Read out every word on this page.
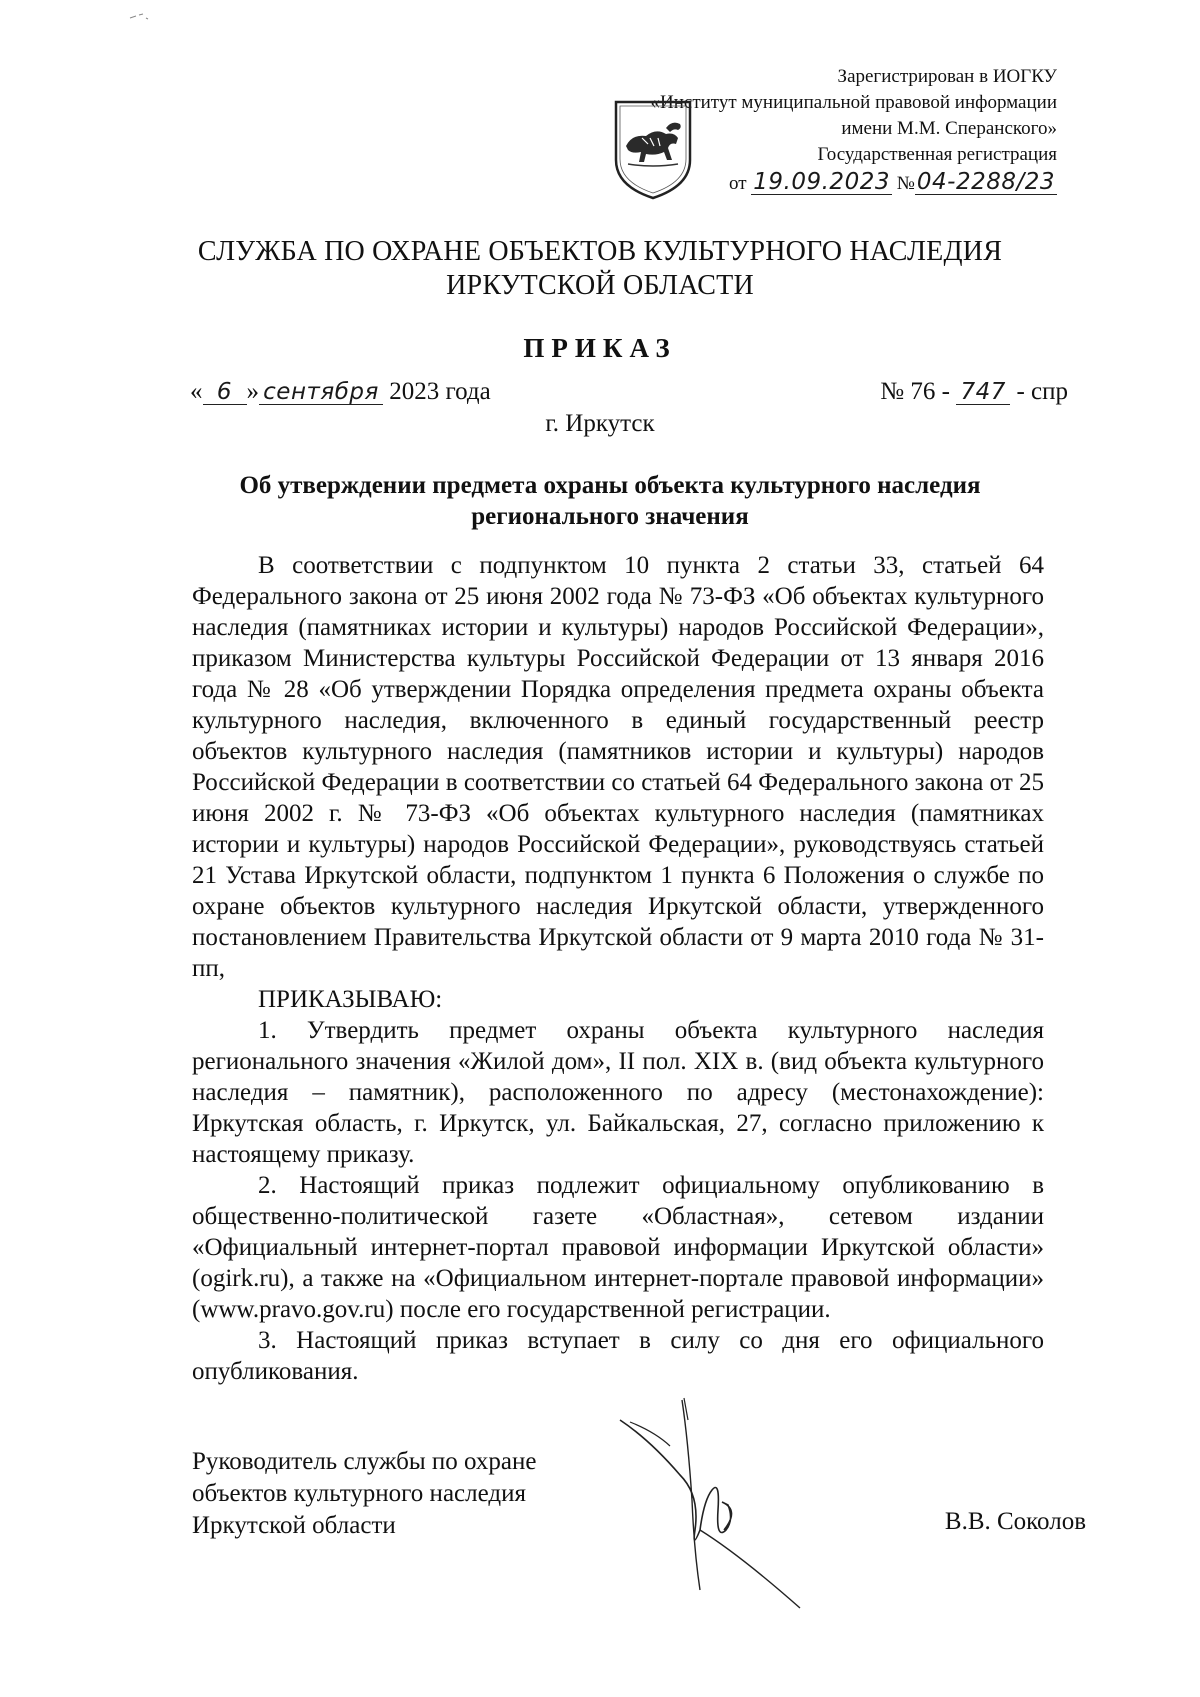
Зарегистрирован в ИОГКУ
«Институт муниципальной правовой информации
имени М.М. Сперанского»
Государственная регистрация
от 19.09.2023 №04-2288/23
СЛУЖБА ПО ОХРАНЕ ОБЪЕКТОВ КУЛЬТУРНОГО НАСЛЕДИЯ
ИРКУТСКОЙ ОБЛАСТИ
ПРИКАЗ
« 6 » сентября 2023 года	№ 76 - 747 - спр
г. Иркутск
Об утверждении предмета охраны объекта культурного наследия
регионального значения

В соответствии с подпунктом 10 пункта 2 статьи 33, статьей 64 Федерального закона от 25 июня 2002 года № 73-ФЗ «Об объектах культурного наследия (памятниках истории и культуры) народов Российской Федерации», приказом Министерства культуры Российской Федерации от 13 января 2016 года № 28 «Об утверждении Порядка определения предмета охраны объекта культурного наследия, включенного в единый государственный реестр объектов культурного наследия (памятников истории и культуры) народов Российской Федерации в соответствии со статьей 64 Федерального закона от 25 июня 2002 г. № 73-ФЗ «Об объектах культурного наследия (памятниках истории и культуры) народов Российской Федерации», руководствуясь статьей 21 Устава Иркутской области, подпунктом 1 пункта 6 Положения о службе по охране объектов культурного наследия Иркутской области, утвержденного постановлением Правительства Иркутской области от 9 марта 2010 года № 31-пп,

ПРИКАЗЫВАЮ:

1. Утвердить предмет охраны объекта культурного наследия регионального значения «Жилой дом», II пол. XIX в. (вид объекта культурного наследия – памятник), расположенного по адресу (местонахождение): Иркутская область, г. Иркутск, ул. Байкальская, 27, согласно приложению к настоящему приказу.

2. Настоящий приказ подлежит официальному опубликованию в общественно-политической газете «Областная», сетевом издании «Официальный интернет-портал правовой информации Иркутской области» (ogirk.ru), а также на «Официальном интернет-портале правовой информации» (www.pravo.gov.ru) после его государственной регистрации.

3. Настоящий приказ вступает в силу со дня его официального опубликования.

Руководитель службы по охране
объектов культурного наследия
Иркутской области	В.В. Соколов
